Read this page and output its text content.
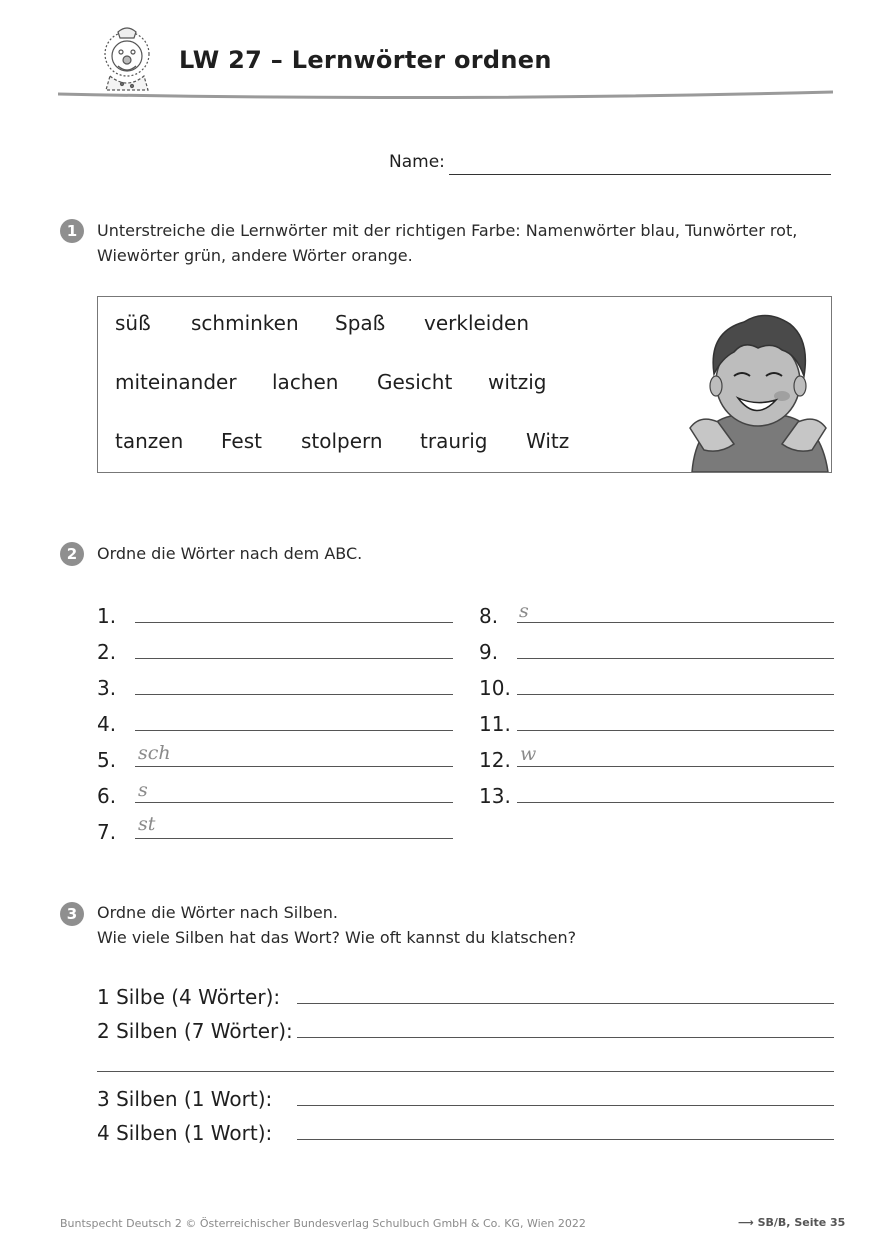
LW 27 – Lernwörter ordnen
Name:
1	Unterstreiche die Lernwörter mit der richtigen Farbe: Namenwörter blau, Tunwörter rot,
Wiewörter grün, andere Wörter orange.
süß schminken Spaß verkleiden
miteinander lachen Gesicht witzig
tanzen Fest stolpern traurig Witz
2	Ordne die Wörter nach dem ABC.
1.
2.
3.
4.
5.	sch
6.	s
7.	st
8.	s
9.
10.
11.
12. w
13.
3	Ordne die Wörter nach Silben.
Wie viele Silben hat das Wort? Wie oft kannst du klatschen?
1 Silbe (4 Wörter):
2 Silben (7 Wörter):
3 Silben (1 Wort):
4 Silben (1 Wort):
Buntspecht Deutsch 2 © Österreichischer Bundesverlag Schulbuch GmbH & Co. KG, Wien 2022	⟶ SB/B, Seite 35
